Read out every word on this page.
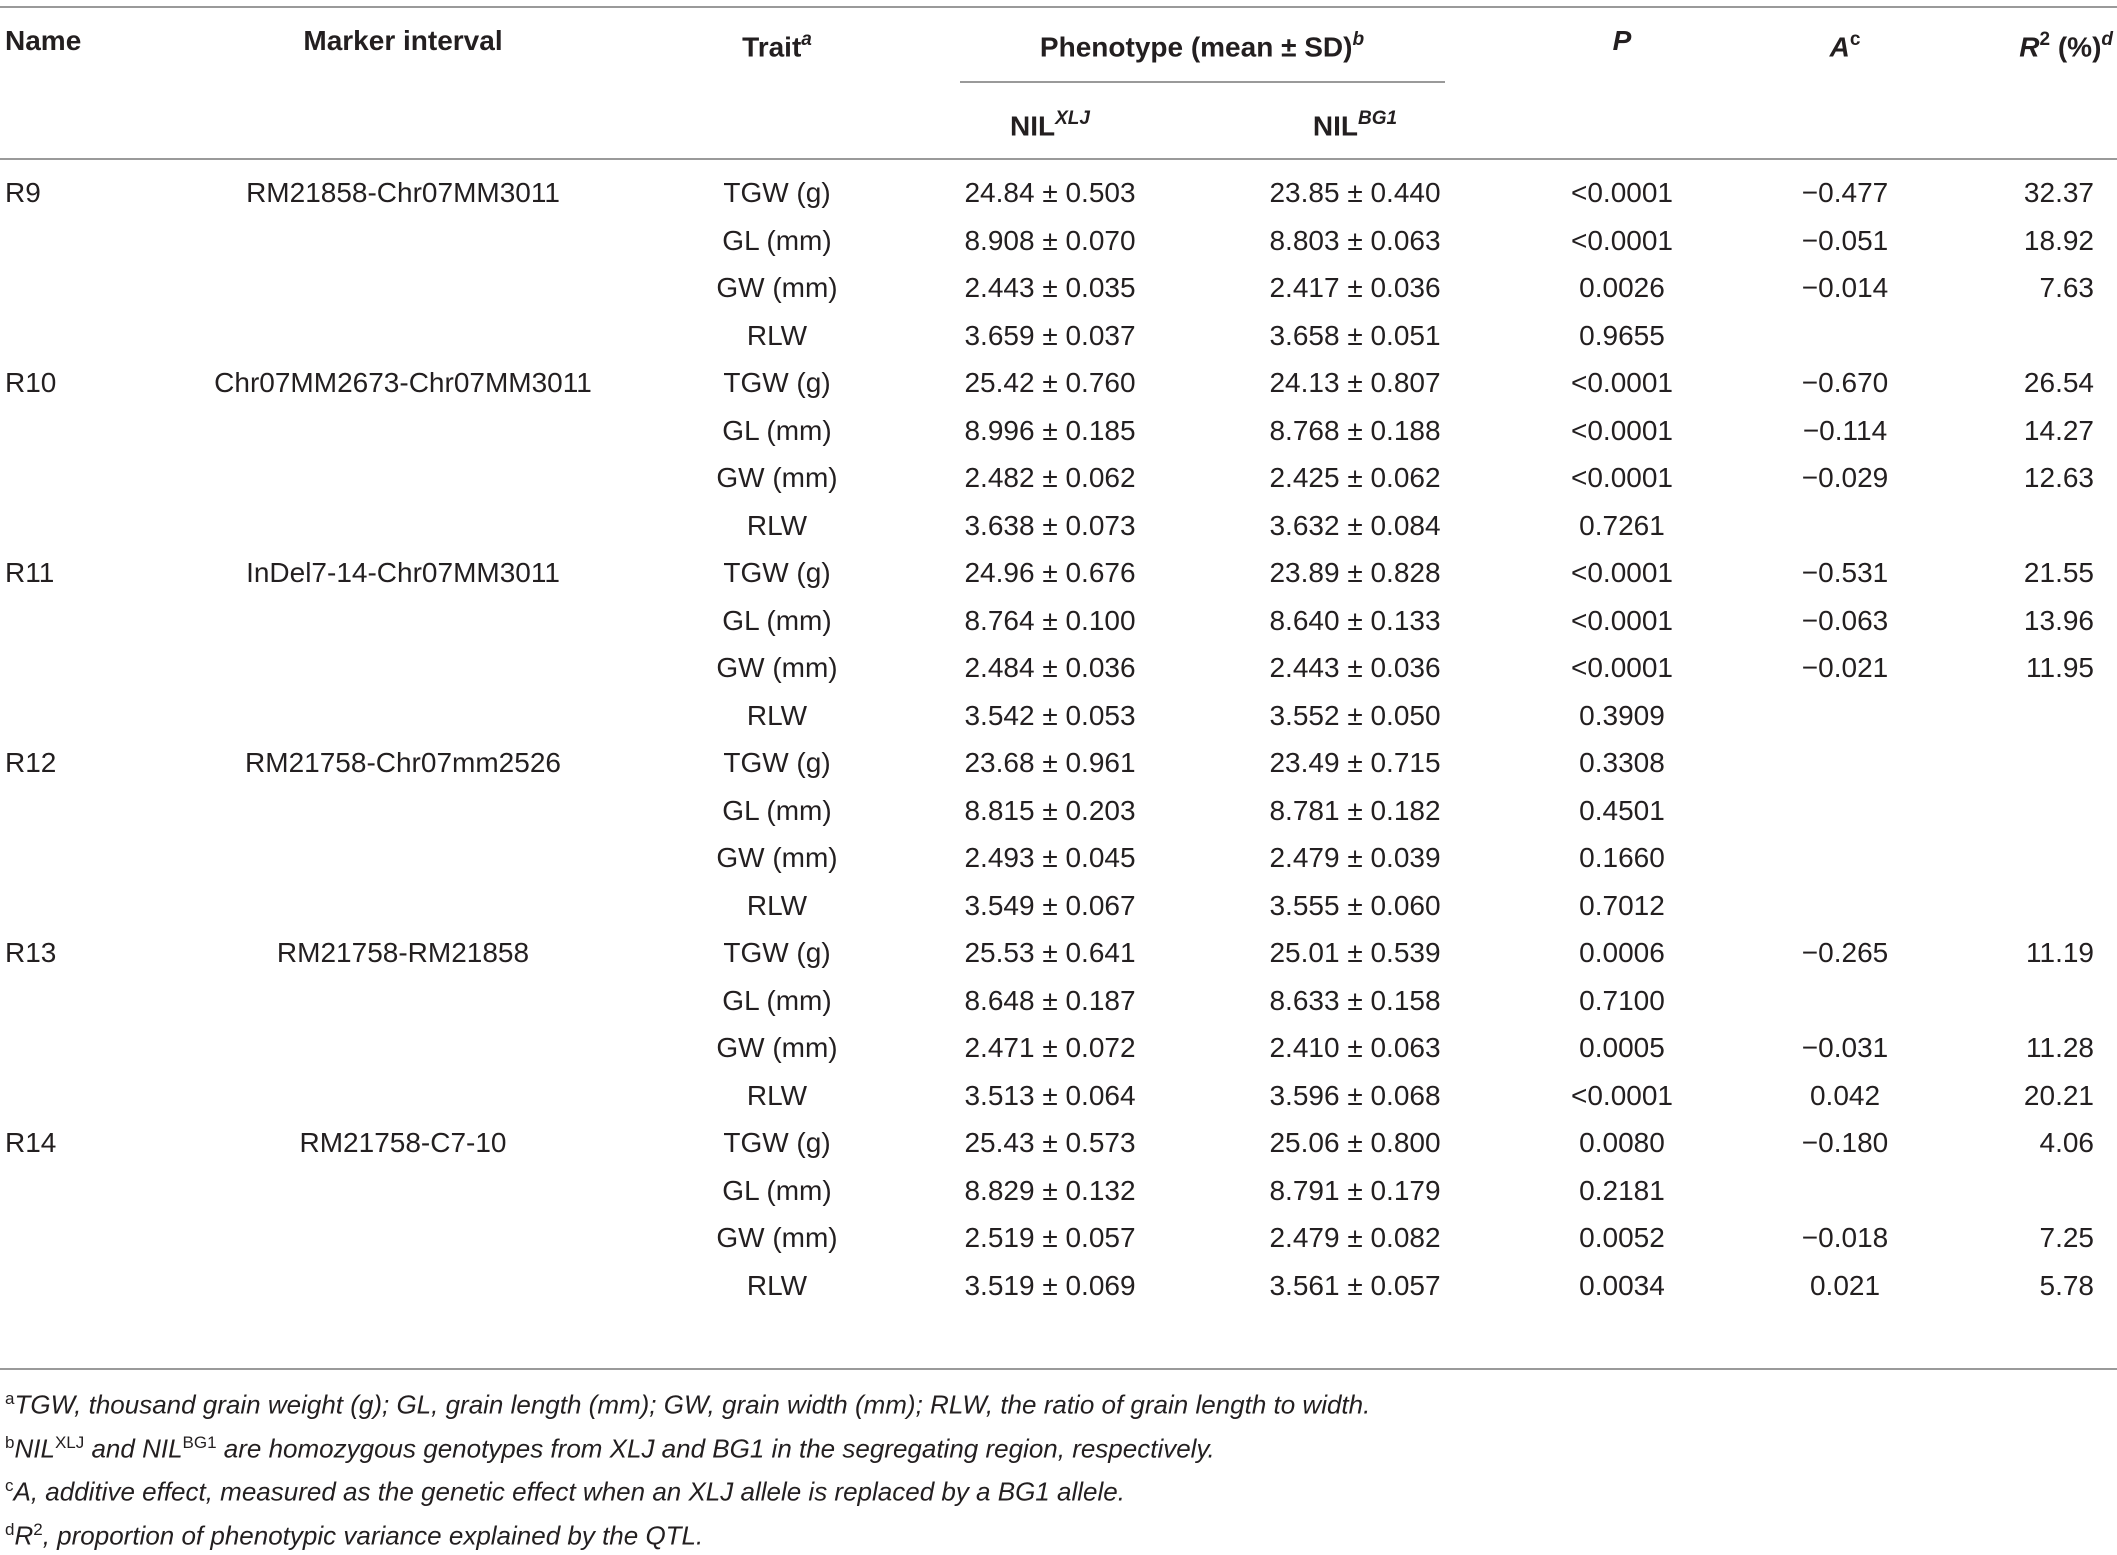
Name	Marker interval	Trait$^a$	Phenotype (mean ± SD)$^b$
$NIL^{XLJ}$	$NIL^{BG1}$
P	$A^c$	$R^2$ (%)$^d$
R9	RM21858-Chr07MM3011	TGW (g)	24.84 ± 0.503	23.85 ± 0.440	<0.0001	−0.477	32.37
GL (mm)	8.908 ± 0.070	8.803 ± 0.063	<0.0001	−0.051	18.92
GW (mm)	2.443 ± 0.035	2.417 ± 0.036	0.0026	−0.014	7.63
RLW	3.659 ± 0.037	3.658 ± 0.051	0.9655
R10	Chr07MM2673-Chr07MM3011	TGW (g)	25.42 ± 0.760	24.13 ± 0.807	<0.0001	−0.670	26.54
GL (mm)	8.996 ± 0.185	8.768 ± 0.188	<0.0001	−0.114	14.27
GW (mm)	2.482 ± 0.062	2.425 ± 0.062	<0.0001	−0.029	12.63
RLW	3.638 ± 0.073	3.632 ± 0.084	0.7261
R11	InDel7-14-Chr07MM3011	TGW (g)	24.96 ± 0.676	23.89 ± 0.828	<0.0001	−0.531	21.55
GL (mm)	8.764 ± 0.100	8.640 ± 0.133	<0.0001	−0.063	13.96
GW (mm)	2.484 ± 0.036	2.443 ± 0.036	<0.0001	−0.021	11.95
RLW	3.542 ± 0.053	3.552 ± 0.050	0.3909
R12	RM21758-Chr07mm2526	TGW (g)	23.68 ± 0.961	23.49 ± 0.715	0.3308
GL (mm)	8.815 ± 0.203	8.781 ± 0.182	0.4501
GW (mm)	2.493 ± 0.045	2.479 ± 0.039	0.1660
RLW	3.549 ± 0.067	3.555 ± 0.060	0.7012
R13	RM21758-RM21858	TGW (g)	25.53 ± 0.641	25.01 ± 0.539	0.0006	−0.265	11.19
GL (mm)	8.648 ± 0.187	8.633 ± 0.158	0.7100
GW (mm)	2.471 ± 0.072	2.410 ± 0.063	0.0005	−0.031	11.28
RLW	3.513 ± 0.064	3.596 ± 0.068	<0.0001	0.042	20.21
R14	RM21758-C7-10	TGW (g)	25.43 ± 0.573	25.06 ± 0.800	0.0080	−0.180	4.06
GL (mm)	8.829 ± 0.132	8.791 ± 0.179	0.2181
GW (mm)	2.519 ± 0.057	2.479 ± 0.082	0.0052	−0.018	7.25
RLW	3.519 ± 0.069	3.561 ± 0.057	0.0034	0.021	5.78
$^a$TGW, thousand grain weight (g); GL, grain length (mm); GW, grain width (mm); RLW, the ratio of grain length to width.
$^bNIL^{XLJ}$ and $NIL^{BG1}$ are homozygous genotypes from XLJ and BG1 in the segregating region, respectively.
$^c$A, additive effect, measured as the genetic effect when an XLJ allele is replaced by a BG1 allele.
$^dR^2$, proportion of phenotypic variance explained by the QTL.
